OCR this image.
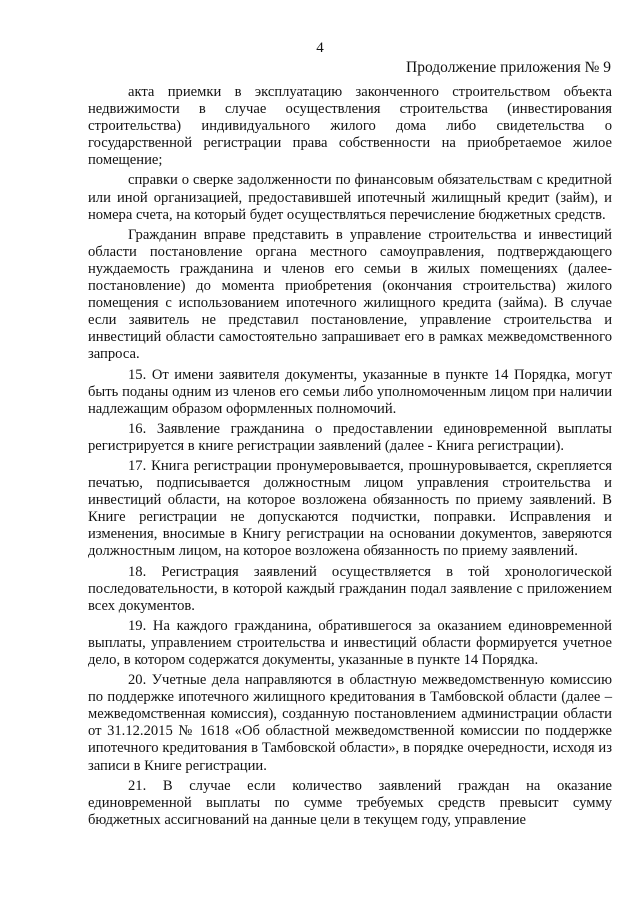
4
Продолжение приложения № 9

акта приемки в эксплуатацию законченного строительством объекта недвижимости в случае осуществления строительства (инвестирования строительства) индивидуального жилого дома либо свидетельства о государственной регистрации права собственности на приобретаемое жилое помещение;

справки о сверке задолженности по финансовым обязательствам с кредитной или иной организацией, предоставившей ипотечный жилищный кредит (займ), и номера счета, на который будет осуществляться перечисление бюджетных средств.

Гражданин вправе представить в управление строительства и инвестиций области постановление органа местного самоуправления, подтверждающего нуждаемость гражданина и членов его семьи в жилых помещениях (далее-постановление) до момента приобретения (окончания строительства) жилого помещения с использованием ипотечного жилищного кредита (займа). В случае если заявитель не представил постановление, управление строительства и инвестиций области самостоятельно запрашивает его в рамках межведомственного запроса.

15. От имени заявителя документы, указанные в пункте 14 Порядка, могут быть поданы одним из членов его семьи либо уполномоченным лицом при наличии надлежащим образом оформленных полномочий.

16. Заявление гражданина о предоставлении единовременной выплаты регистрируется в книге регистрации заявлений (далее - Книга регистрации).

17. Книга регистрации пронумеровывается, прошнуровывается, скрепляется печатью, подписывается должностным лицом управления строительства и инвестиций области, на которое возложена обязанность по приему заявлений. В Книге регистрации не допускаются подчистки, поправки. Исправления и изменения, вносимые в Книгу регистрации на основании документов, заверяются должностным лицом, на которое возложена обязанность по приему заявлений.

18. Регистрация заявлений осуществляется в той хронологической последовательности, в которой каждый гражданин подал заявление с приложением всех документов.

19. На каждого гражданина, обратившегося за оказанием единовременной выплаты, управлением строительства и инвестиций области формируется учетное дело, в котором содержатся документы, указанные в пункте 14 Порядка.

20. Учетные дела направляются в областную межведомственную комиссию по поддержке ипотечного жилищного кредитования в Тамбовской области (далее – межведомственная комиссия), созданную постановлением администрации области от 31.12.2015 № 1618 «Об областной межведомственной комиссии по поддержке ипотечного кредитования в Тамбовской области», в порядке очередности, исходя из записи в Книге регистрации.

21. В случае если количество заявлений граждан на оказание единовременной выплаты по сумме требуемых средств превысит сумму бюджетных ассигнований на данные цели в текущем году, управление
